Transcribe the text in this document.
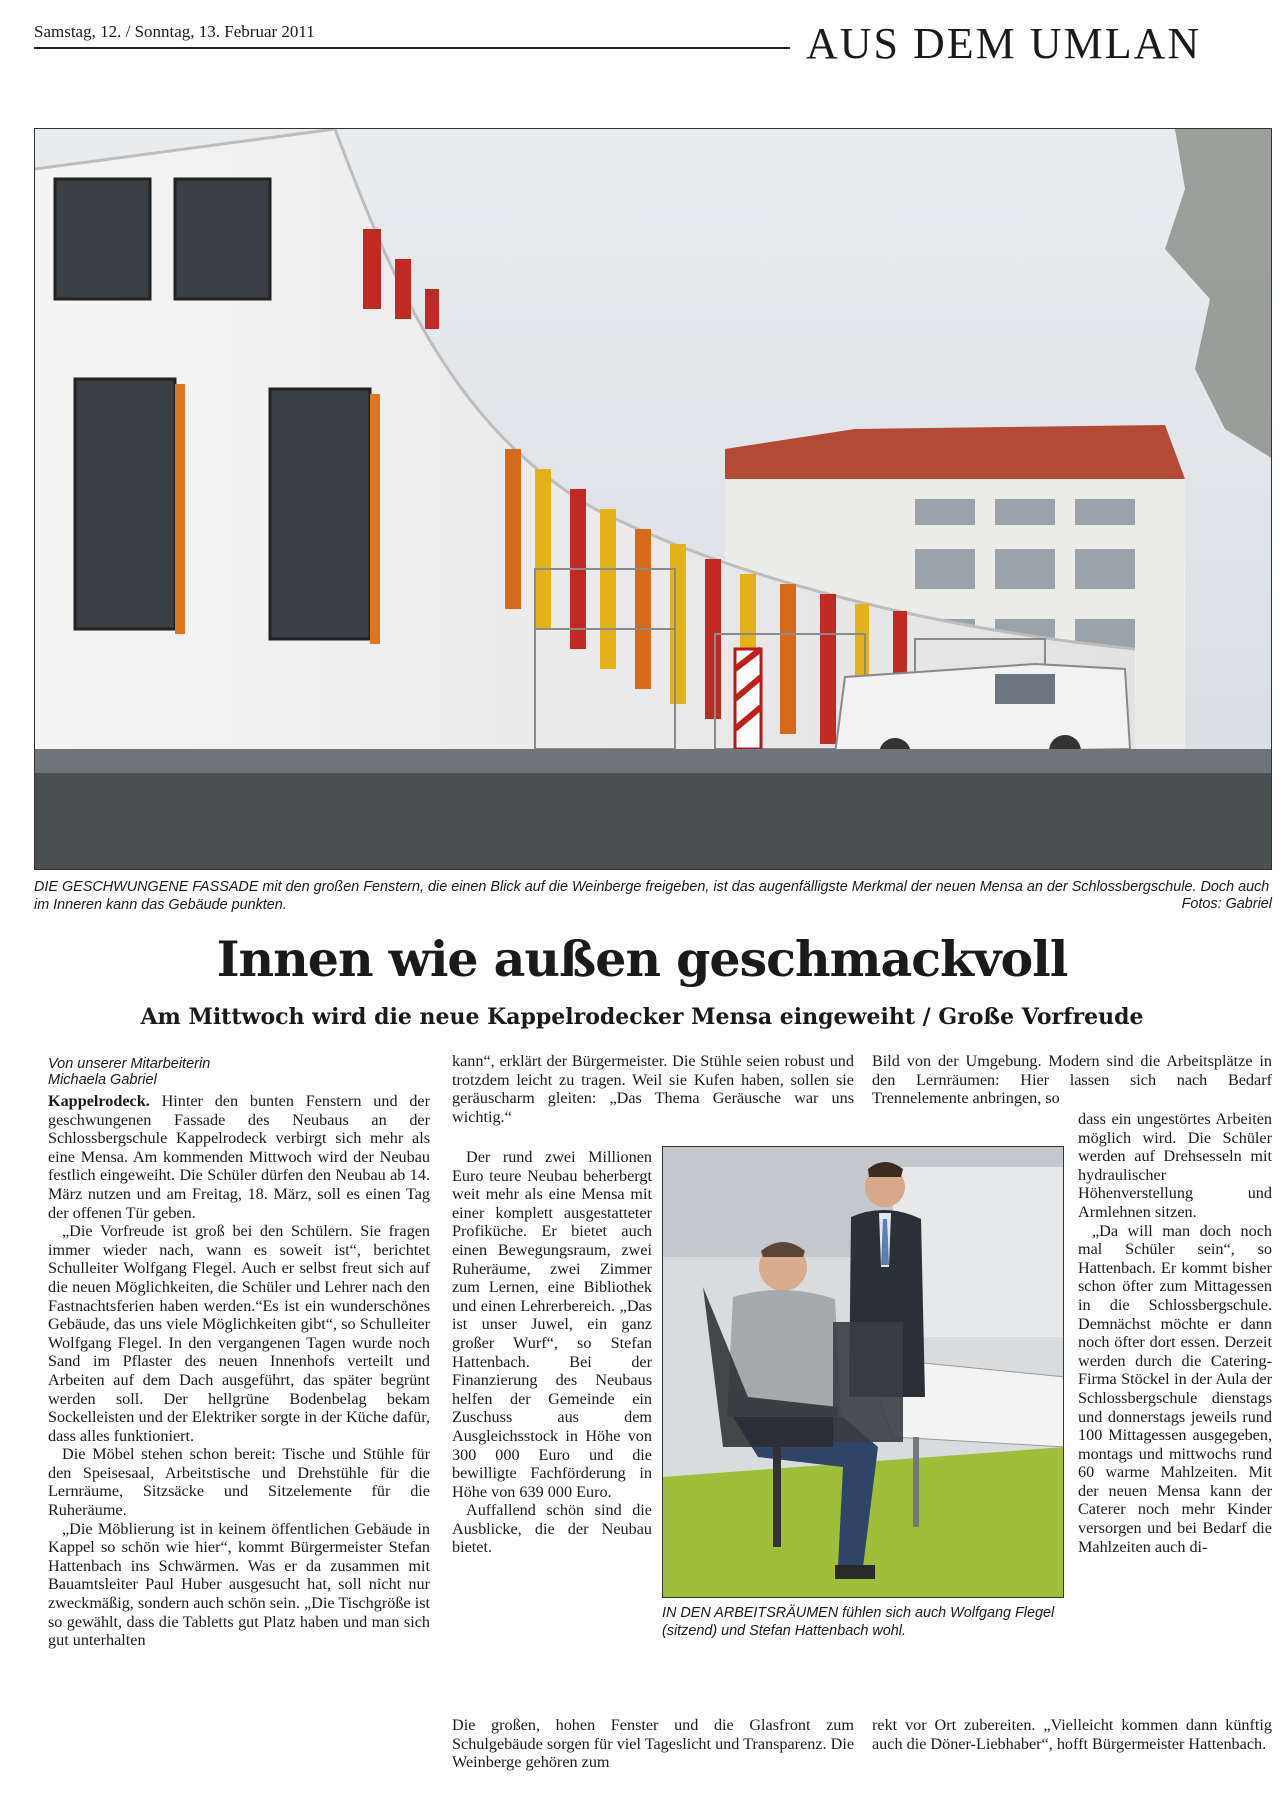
Samstag, 12. / Sonntag, 13. Februar 2011	AUS DEM UMLAN
DIE GESCHWUNGENE FASSADE mit den großen Fenstern, die einen Blick auf die Weinberge freigeben, ist das augenfälligste Merkmal der neuen Mensa an der Schlossbergschule. Doch auch im Inneren kann das Gebäude punkten.	Fotos: Gabriel
Innen wie außen geschmackvoll
Am Mittwoch wird die neue Kappelrodecker Mensa eingeweiht / Große Vorfreude

Von unserer Mitarbeiterin

Michaela Gabriel

Kappelrodeck. Hinter den bunten Fenstern und der geschwungenen Fassade des Neubaus an der Schlossbergschule Kappelrodeck verbirgt sich mehr als eine Mensa. Am kommenden Mittwoch wird der Neubau festlich eingeweiht. Die Schüler dürfen den Neubau ab 14. März nutzen und am Freitag, 18. März, soll es einen Tag der offenen Tür geben.

„Die Vorfreude ist groß bei den Schülern. Sie fragen immer wieder nach, wann es soweit ist“, berichtet Schulleiter Wolfgang Flegel. Auch er selbst freut sich auf die neuen Möglichkeiten, die Schüler und Lehrer nach den Fastnachtsferien haben werden.“Es ist ein wunderschönes Gebäude, das uns viele Möglichkeiten gibt“, so Schulleiter Wolfgang Flegel. In den vergangenen Tagen wurde noch Sand im Pflaster des neuen Innenhofs verteilt und Arbeiten auf dem Dach ausgeführt, das später begrünt werden soll. Der hellgrüne Bodenbelag bekam Sockelleisten und der Elektriker sorgte in der Küche dafür, dass alles funktioniert.

Die Möbel stehen schon bereit: Tische und Stühle für den Speisesaal, Arbeitstische und Drehstühle für die Lernräume, Sitzsäcke und Sitzelemente für die Ruheräume.

„Die Möblierung ist in keinem öffentlichen Gebäude in Kappel so schön wie hier“, kommt Bürgermeister Stefan Hattenbach ins Schwärmen. Was er da zusammen mit Bauamtsleiter Paul Huber ausgesucht hat, soll nicht nur zweckmäßig, sondern auch schön sein. „Die Tischgröße ist so gewählt, dass die Tabletts gut Platz haben und man sich gut unterhalten

kann“, erklärt der Bürgermeister. Die Stühle seien robust und trotzdem leicht zu tragen. Weil sie Kufen haben, sollen sie geräuscharm gleiten: „Das Thema Geräusche war uns wichtig.“

Der rund zwei Millionen Euro teure Neubau beherbergt weit mehr als eine Mensa mit einer komplett ausgestatteter Profiküche. Er bietet auch einen Bewegungsraum, zwei Ruheräume, zwei Zimmer zum Lernen, eine Bibliothek und einen Lehrerbereich. „Das ist unser Juwel, ein ganz großer Wurf“, so Stefan Hattenbach. Bei der Finanzierung des Neubaus helfen der Gemeinde ein Zuschuss aus dem Ausgleichsstock in Höhe von 300 000 Euro und die bewilligte Fachförderung in Höhe von 639 000 Euro.

Auffallend schön sind die Ausblicke, die der Neubau bietet.

Die großen, hohen Fenster und die Glasfront zum Schulgebäude sorgen für viel Tageslicht und Transparenz. Die Weinberge gehören zum

Bild von der Umgebung. Modern sind die Arbeitsplätze in den Lernräumen: Hier lassen sich nach Bedarf Trennelemente anbringen, so

dass ein ungestörtes Arbeiten möglich wird. Die Schüler werden auf Drehsesseln mit hydraulischer Höhenverstellung und Armlehnen sitzen.

„Da will man doch noch mal Schüler sein“, so Hattenbach. Er kommt bisher schon öfter zum Mittagessen in die Schlossbergschule. Demnächst möchte er dann noch öfter dort essen. Derzeit werden durch die Catering-Firma Stöckel in der Aula der Schlossbergschule dienstags und donnerstags jeweils rund 100 Mittagessen ausgegeben, montags und mittwochs rund 60 warme Mahlzeiten. Mit der neuen Mensa kann der Caterer noch mehr Kinder versorgen und bei Bedarf die Mahlzeiten auch di-

rekt vor Ort zubereiten. „Vielleicht kommen dann künftig auch die Döner-Liebhaber“, hofft Bürgermeister Hattenbach.

IN DEN ARBEITSRÄUMEN fühlen sich auch Wolfgang Flegel (sitzend) und Stefan Hattenbach wohl.
